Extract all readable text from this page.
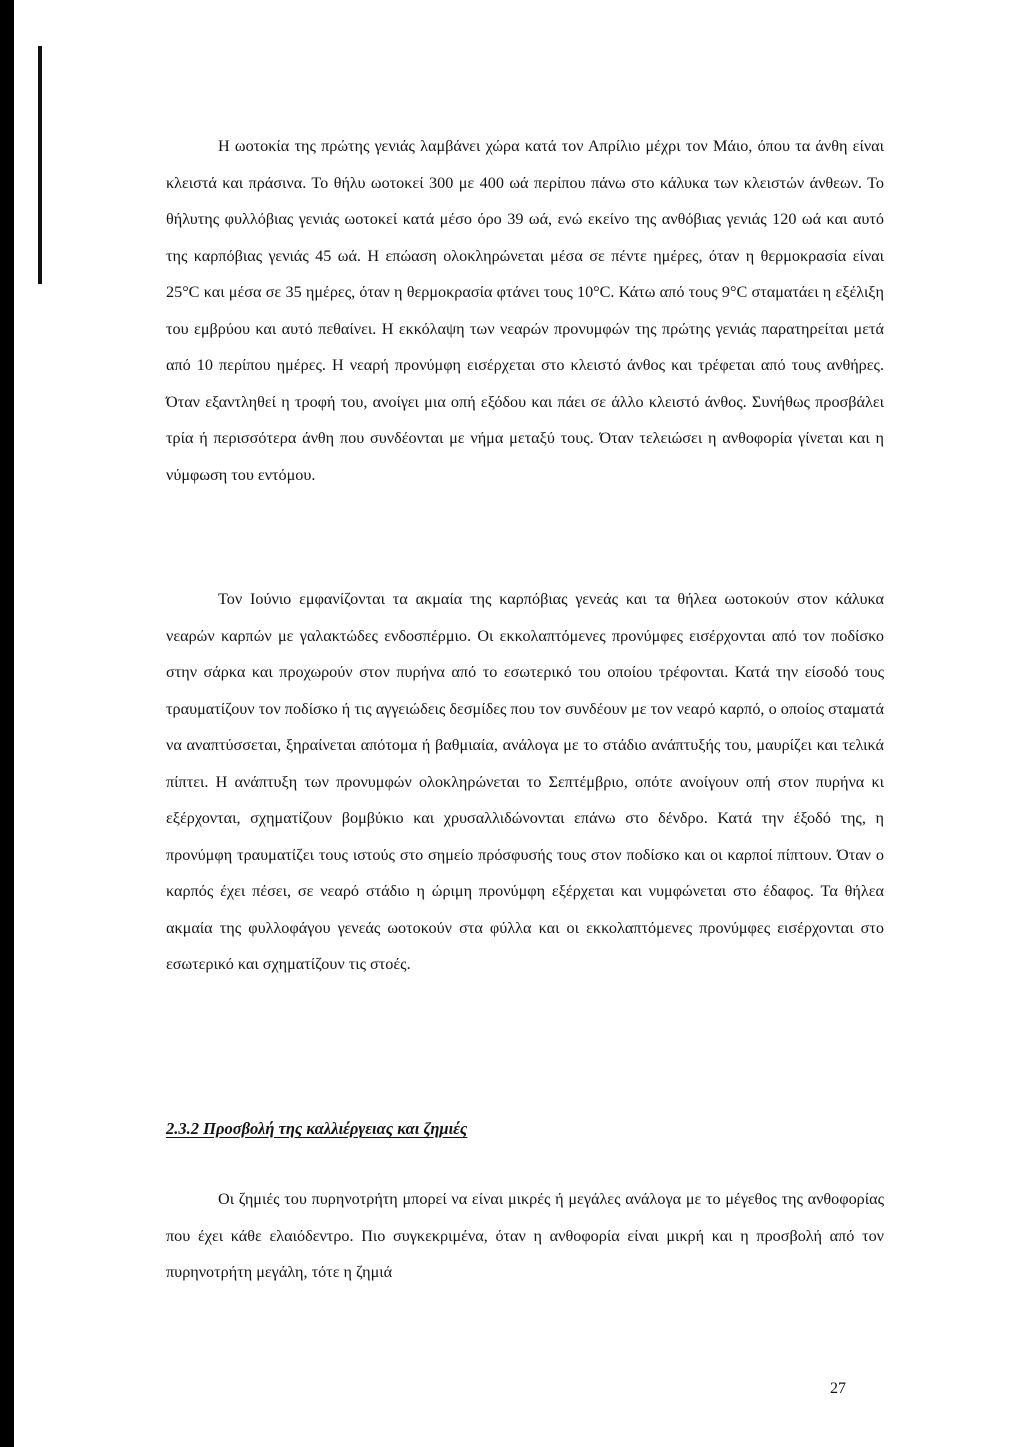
Η ωοτοκία της πρώτης γενιάς λαμβάνει χώρα κατά τον Απρίλιο μέχρι τον Μάιο, όπου τα άνθη είναι κλειστά και πράσινα. Το θήλυ ωοτοκεί 300 με 400 ωά περίπου πάνω στο κάλυκα των κλειστών άνθεων. Το θήλυτης φυλλόβιας γενιάς ωοτοκεί κατά μέσο όρο 39 ωά, ενώ εκείνο της ανθόβιας γενιάς 120 ωά και αυτό της καρπόβιας γενιάς 45 ωά. Η επώαση ολοκληρώνεται μέσα σε πέντε ημέρες, όταν η θερμοκρασία είναι 25°C και μέσα σε 35 ημέρες, όταν η θερμοκρασία φτάνει τους 10°C. Κάτω από τους 9°C σταματάει η εξέλιξη του εμβρύου και αυτό πεθαίνει. Η εκκόλαψη των νεαρών προνυμφών της πρώτης γενιάς παρατηρείται μετά από 10 περίπου ημέρες. Η νεαρή προνύμφη εισέρχεται στο κλειστό άνθος και τρέφεται από τους ανθήρες. Όταν εξαντληθεί η τροφή του, ανοίγει μια οπή εξόδου και πάει σε άλλο κλειστό άνθος. Συνήθως προσβάλει τρία ή περισσότερα άνθη που συνδέονται με νήμα μεταξύ τους. Όταν τελειώσει η ανθοφορία γίνεται και η νύμφωση του εντόμου.

Τον Ιούνιο εμφανίζονται τα ακμαία της καρπόβιας γενεάς και τα θήλεα ωοτοκούν στον κάλυκα νεαρών καρπών με γαλακτώδες ενδοσπέρμιο. Οι εκκολαπτόμενες προνύμφες εισέρχονται από τον ποδίσκο στην σάρκα και προχωρούν στον πυρήνα από το εσωτερικό του οποίου τρέφονται. Κατά την είσοδό τους τραυματίζουν τον ποδίσκο ή τις αγγειώδεις δεσμίδες που τον συνδέουν με τον νεαρό καρπό, ο οποίος σταματά να αναπτύσσεται, ξηραίνεται απότομα ή βαθμιαία, ανάλογα με το στάδιο ανάπτυξής του, μαυρίζει και τελικά πίπτει. Η ανάπτυξη των προνυμφών ολοκληρώνεται το Σεπτέμβριο, οπότε ανοίγουν οπή στον πυρήνα κι εξέρχονται, σχηματίζουν βομβύκιο και χρυσαλλιδώνονται επάνω στο δένδρο. Κατά την έξοδό της, η προνύμφη τραυματίζει τους ιστούς στο σημείο πρόσφυσής τους στον ποδίσκο και οι καρποί πίπτουν. Όταν ο καρπός έχει πέσει, σε νεαρό στάδιο η ώριμη προνύμφη εξέρχεται και νυμφώνεται στο έδαφος. Τα θήλεα ακμαία της φυλλοφάγου γενεάς ωοτοκούν στα φύλλα και οι εκκολαπτόμενες προνύμφες εισέρχονται στο εσωτερικό και σχηματίζουν τις στοές.

2.3.2 Προσβολή της καλλιέργειας και ζημιές

Οι ζημιές του πυρηνοτρήτη μπορεί να είναι μικρές ή μεγάλες ανάλογα με το μέγεθος της ανθοφορίας που έχει κάθε ελαιόδεντρο. Πιο συγκεκριμένα, όταν η ανθοφορία είναι μικρή και η προσβολή από τον πυρηνοτρήτη μεγάλη, τότε η ζημιά

27
